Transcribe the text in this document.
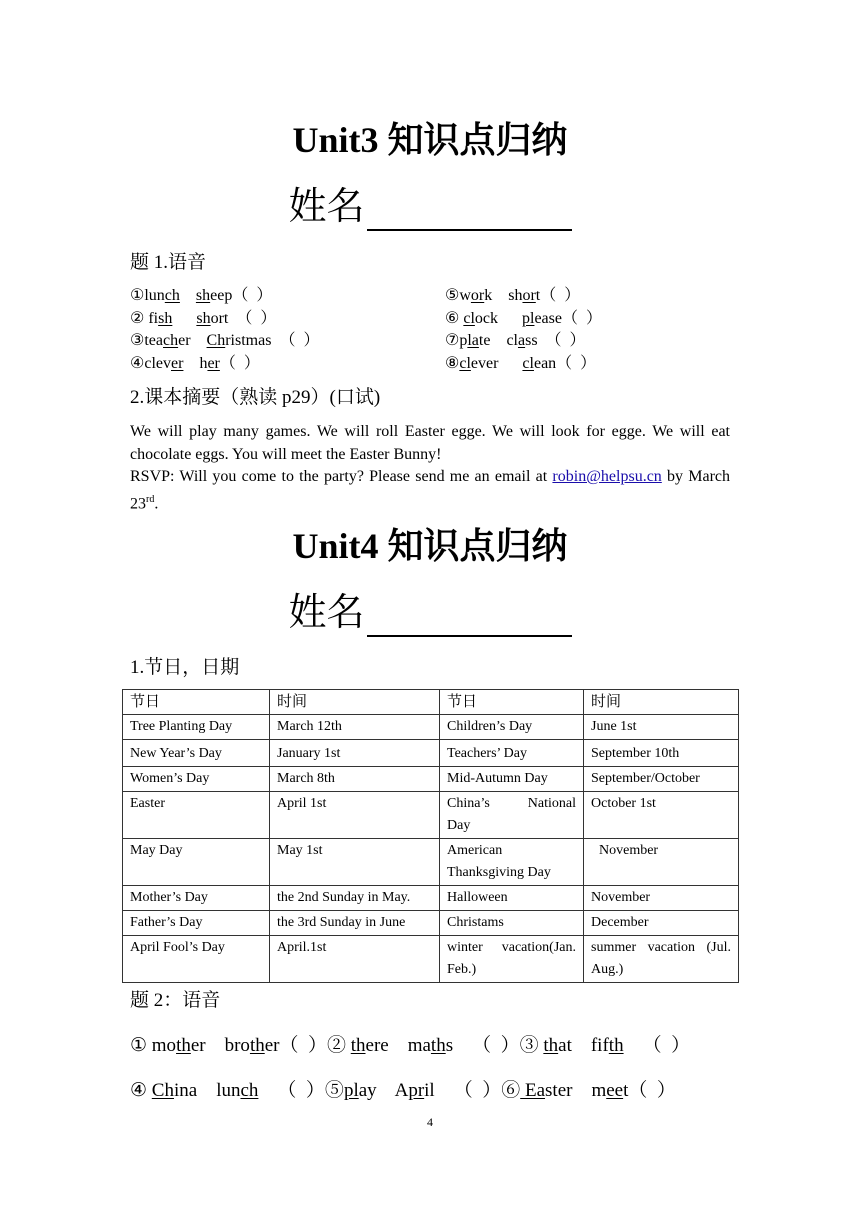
Unit3 知识点归纳
姓名
题 1.语音
①lunch sheep（  ）
② fish short  （  ）
③teacher    Christmas  （  ）
④clever    her（  ）
⑤work    short（  ）
⑥ clock      please（  ）
⑦plate    class  （  ）
⑧clever      clean（  ）
2.课本摘要（熟读 p29）(口试)
We will play many games. We will roll Easter egge. We will look for egge. We will eat chocolate eggs. You will meet the Easter Bunny!
RSVP: Will you come to the party? Please send me an email at robin@helpsu.cn by March 23rd.
Unit4 知识点归纳
姓名
1.节日，日期
节日	时间	节日	时间
Tree Planting Day	March 12th	Children’s Day	June 1st
New Year’s Day	January 1st	Teachers’ Day	September 10th
Women’s Day	March 8th	Mid-Autumn Day	September/October
Easter	April 1st	China’s National Day	October 1st
May Day	May 1st	American Thanksgiving Day	November
Mother’s Day	the 2nd Sunday in May.	Halloween	November
Father’s Day	the 3rd Sunday in June	Christams	December
April Fool’s Day	April.1st	winter vacation(Jan. Feb.)	summer vacation (Jul. Aug.)
题 2：语音
① mother    brother（  ）② there    maths    （  ）③ that    fifth    （  ）
④ China    lunch    （  ）⑤play    April    （  ）⑥ Easter    meet（  ）
4
